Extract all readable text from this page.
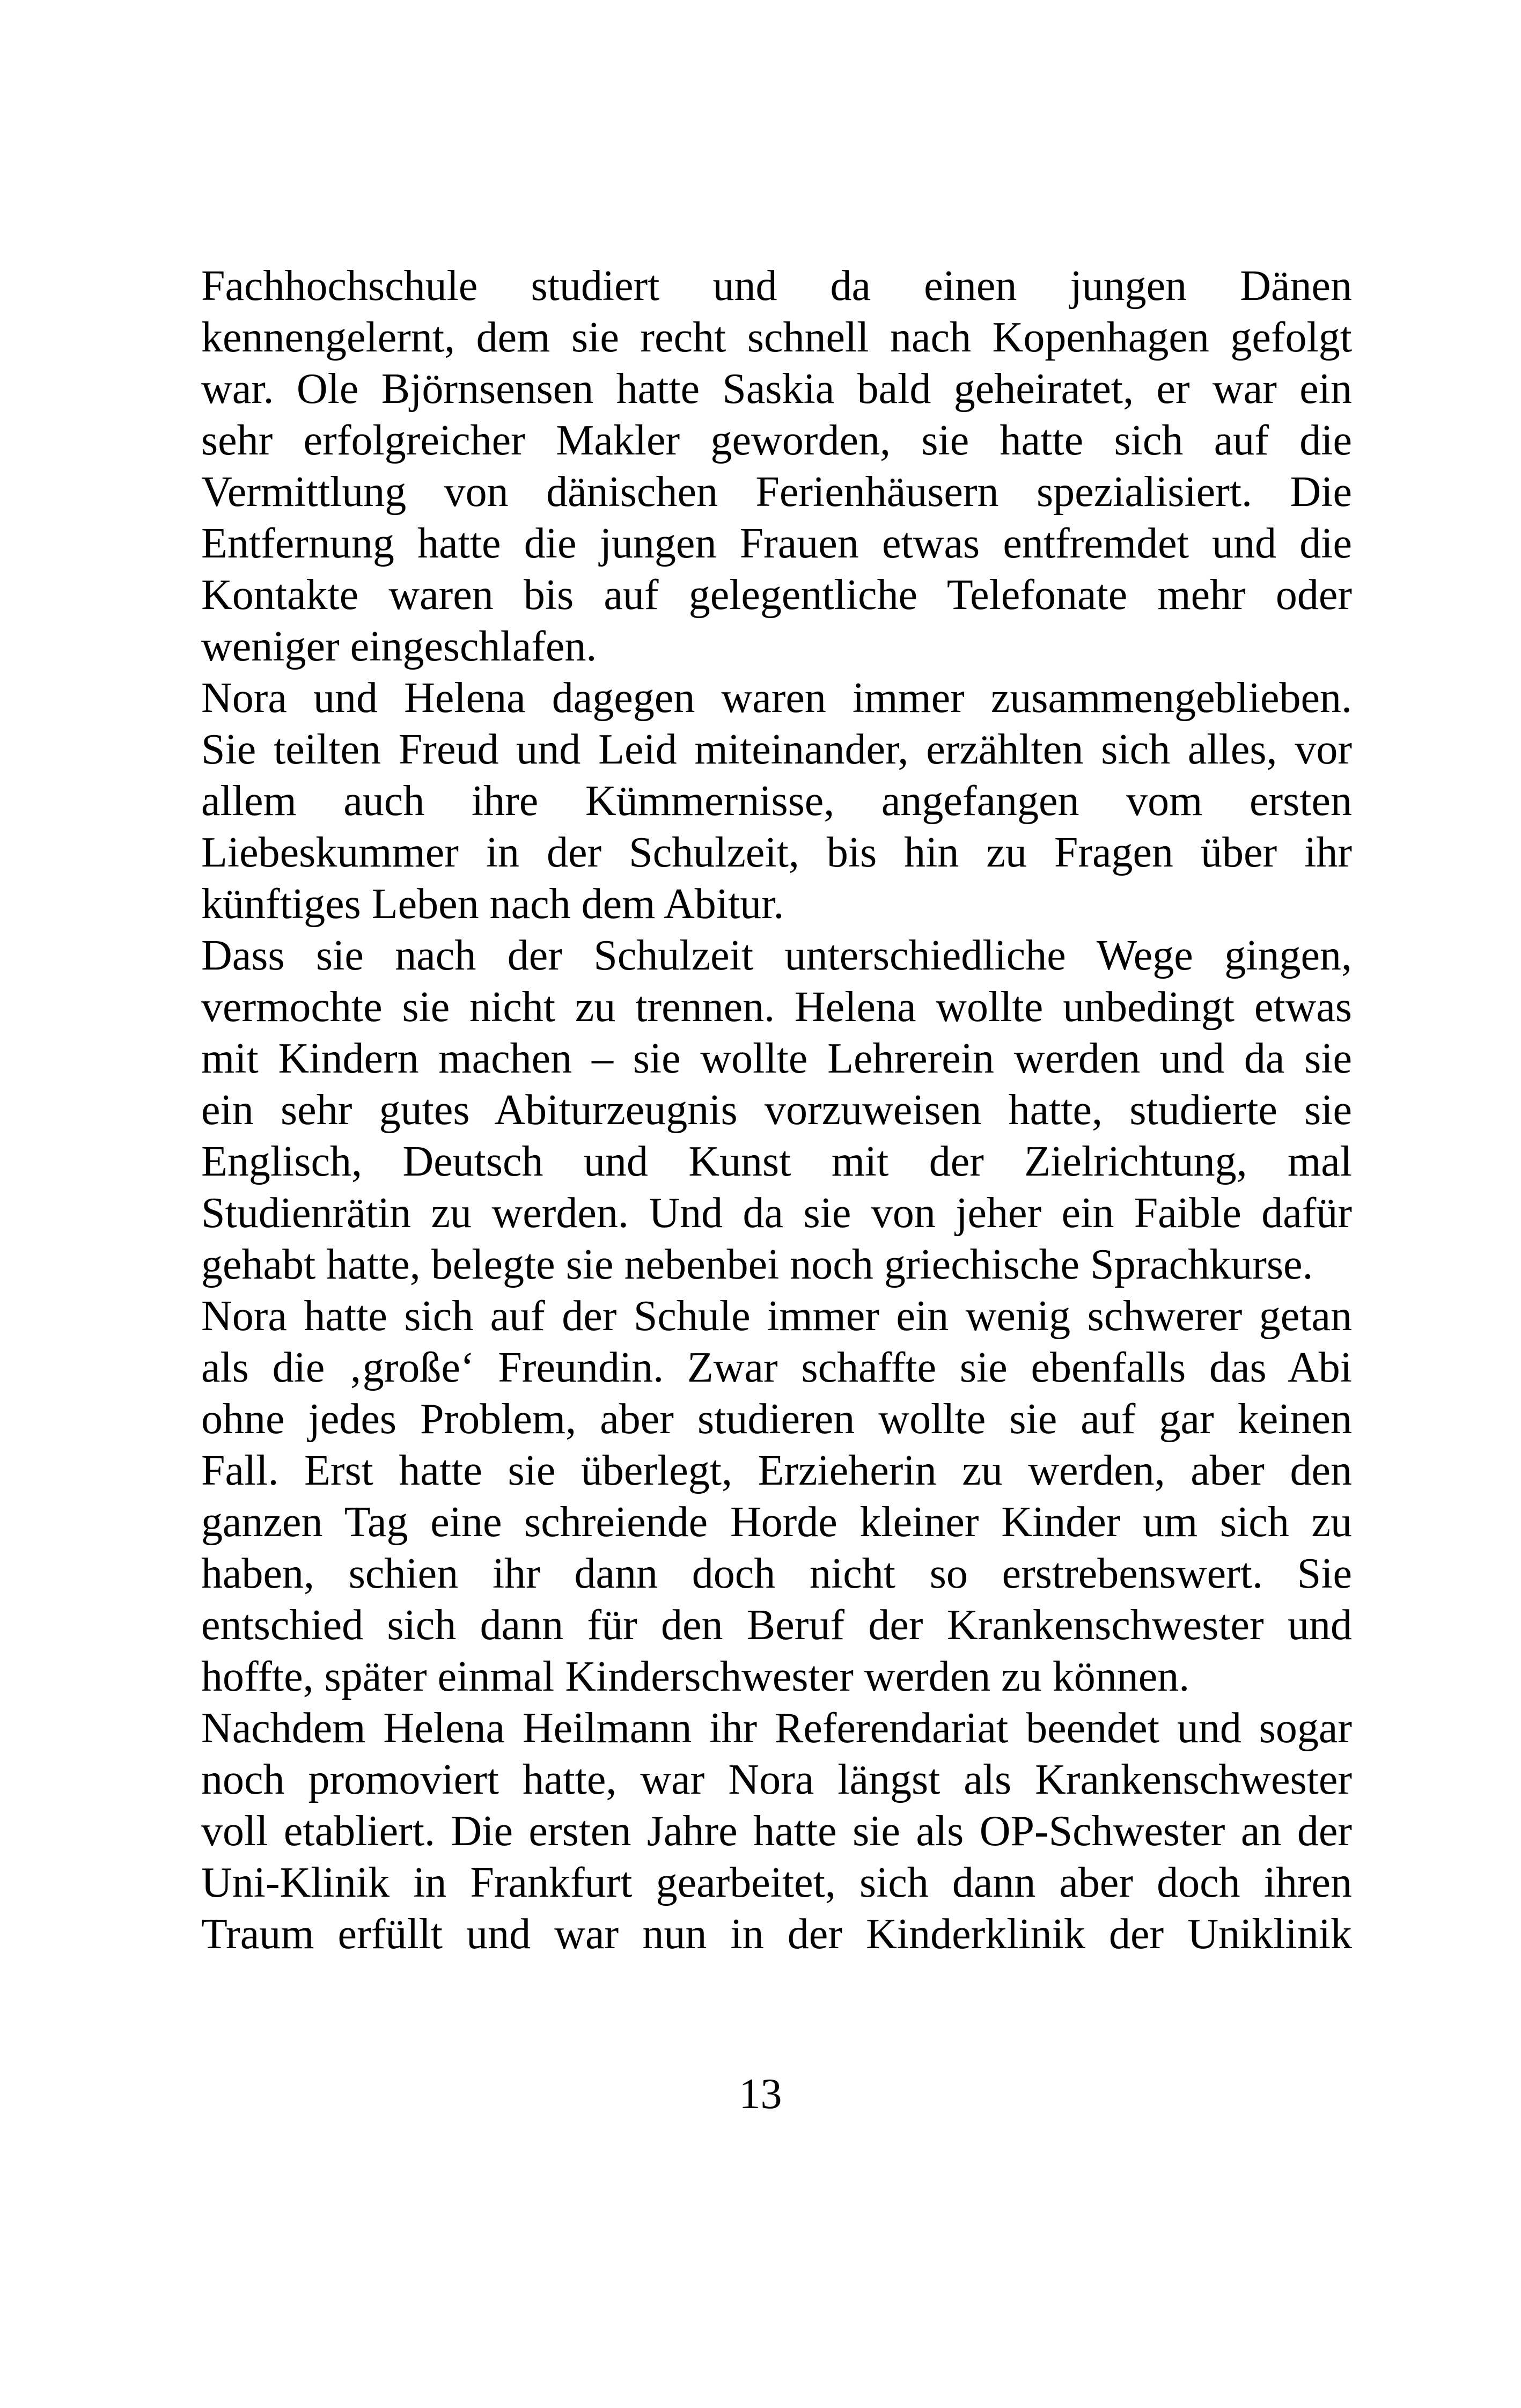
Fachhochschule studiert und da einen jungen Dänen
kennengelernt, dem sie recht schnell nach Kopenhagen gefolgt
war. Ole Björnsensen hatte Saskia bald geheiratet, er war ein
sehr erfolgreicher Makler geworden, sie hatte sich auf die
Vermittlung von dänischen Ferienhäusern spezialisiert. Die
Entfernung hatte die jungen Frauen etwas entfremdet und die
Kontakte waren bis auf gelegentliche Telefonate mehr oder
weniger eingeschlafen.
Nora und Helena dagegen waren immer zusammengeblieben.
Sie teilten Freud und Leid miteinander, erzählten sich alles, vor
allem auch ihre Kümmernisse, angefangen vom ersten
Liebeskummer in der Schulzeit, bis hin zu Fragen über ihr
künftiges Leben nach dem Abitur.
Dass sie nach der Schulzeit unterschiedliche Wege gingen,
vermochte sie nicht zu trennen. Helena wollte unbedingt etwas
mit Kindern machen – sie wollte Lehrerein werden und da sie
ein sehr gutes Abiturzeugnis vorzuweisen hatte, studierte sie
Englisch, Deutsch und Kunst mit der Zielrichtung, mal
Studienrätin zu werden. Und da sie von jeher ein Faible dafür
gehabt hatte, belegte sie nebenbei noch griechische Sprachkurse.
Nora hatte sich auf der Schule immer ein wenig schwerer getan
als die ‚große‘ Freundin. Zwar schaffte sie ebenfalls das Abi
ohne jedes Problem, aber studieren wollte sie auf gar keinen
Fall. Erst hatte sie überlegt, Erzieherin zu werden, aber den
ganzen Tag eine schreiende Horde kleiner Kinder um sich zu
haben, schien ihr dann doch nicht so erstrebenswert. Sie
entschied sich dann für den Beruf der Krankenschwester und
hoffte, später einmal Kinderschwester werden zu können.
Nachdem Helena Heilmann ihr Referendariat beendet und sogar
noch promoviert hatte, war Nora längst als Krankenschwester
voll etabliert. Die ersten Jahre hatte sie als OP-Schwester an der
Uni-Klinik in Frankfurt gearbeitet, sich dann aber doch ihren
Traum erfüllt und war nun in der Kinderklinik der Uniklinik
13
